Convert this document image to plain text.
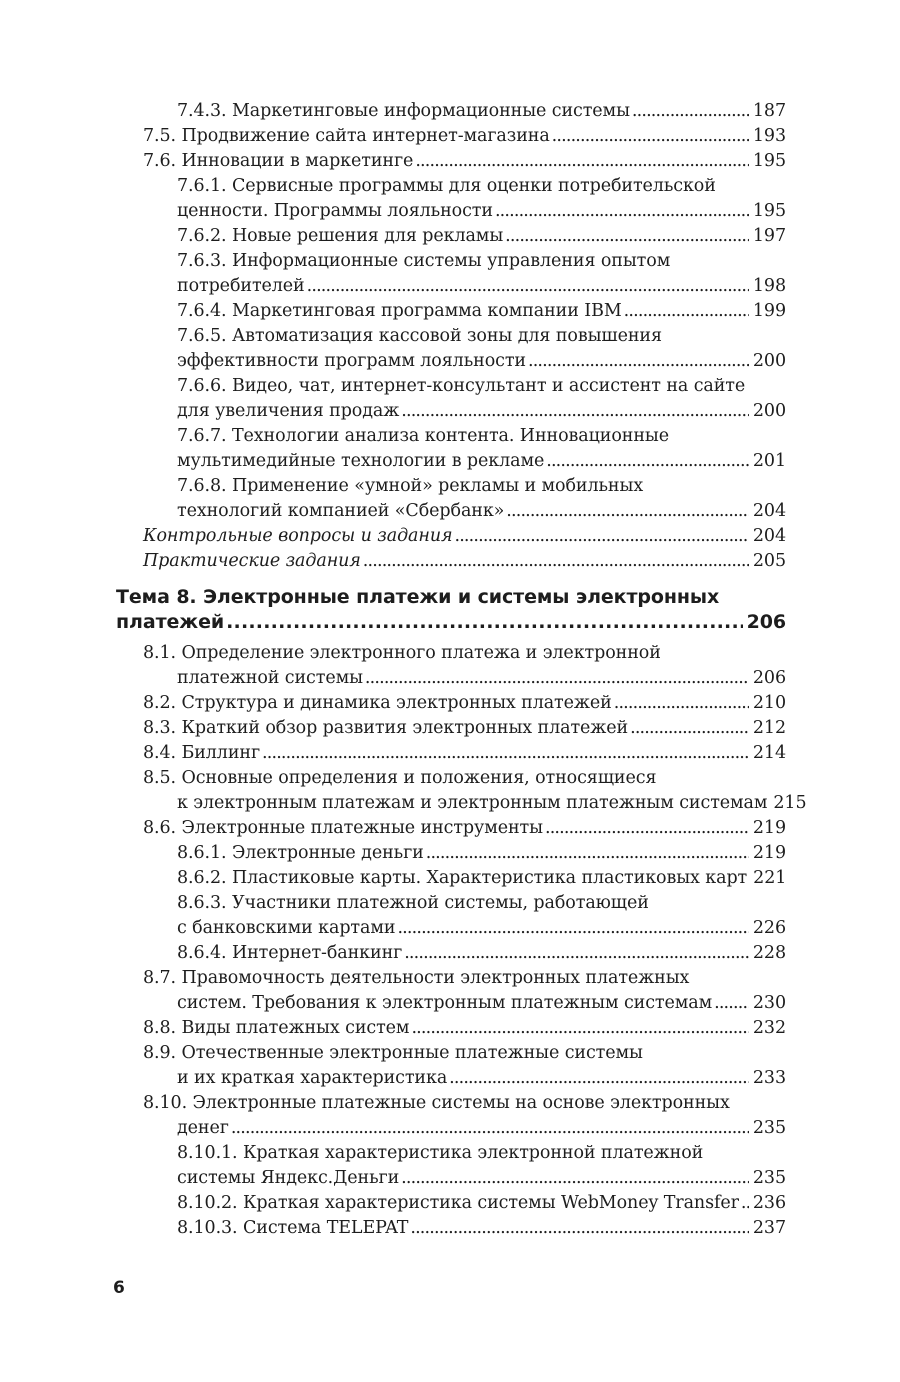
7.4.3. Маркетинговые информационные системы . . .	187
7.5. Продвижение сайта интернет-магазина . . .	193
7.6. Инновации в маркетинге . . .	195
7.6.1. Сервисные программы для оценки потребительской
ценности. Программы лояльности . . .	195
7.6.2. Новые решения для рекламы . . .	197
7.6.3. Информационные системы управления опытом
потребителей . . .	198
7.6.4. Маркетинговая программа компании IBM . . .	199
7.6.5. Автоматизация кассовой зоны для повышения
эффективности программ лояльности . . .	200
7.6.6. Видео, чат, интернет-консультант и ассистент на сайте
для увеличения продаж . . .	200
7.6.7. Технологии анализа контента. Инновационные
мультимедийные технологии в рекламе . . .	201
7.6.8. Применение «умной» рекламы и мобильных
технологий компанией «Сбербанк» . . .	204
Контрольные вопросы и задания . . .	204
Практические задания . . .	205
Тема 8. Электронные платежи и системы электронных
платежей . . .	206
8.1. Определение электронного платежа и электронной
платежной системы . . .	206
8.2. Структура и динамика электронных платежей . . .	210
8.3. Краткий обзор развития электронных платежей . . .	212
8.4. Биллинг . . .	214
8.5. Основные определения и положения, относящиеся
к электронным платежам и электронным платежным системам 215
8.6. Электронные платежные инструменты . . .	219
8.6.1. Электронные деньги . . .	219
8.6.2. Пластиковые карты. Характеристика пластиковых карт 221
8.6.3. Участники платежной системы, работающей
с банковскими картами . . .	226
8.6.4. Интернет-банкинг . . .	228
8.7. Правомочность деятельности электронных платежных
систем. Требования к электронным платежным системам . . . 230
8.8. Виды платежных систем . . .	232
8.9. Отечественные электронные платежные системы
и их краткая характеристика . . .	233
8.10. Электронные платежные системы на основе электронных
денег . . .	235
8.10.1. Краткая характеристика электронной платежной
системы Яндекс.Деньги . . .	235
8.10.2. Краткая характеристика системы WebMoney Transfer . . . 236
8.10.3. Система TELEPAT . . .	237
6
